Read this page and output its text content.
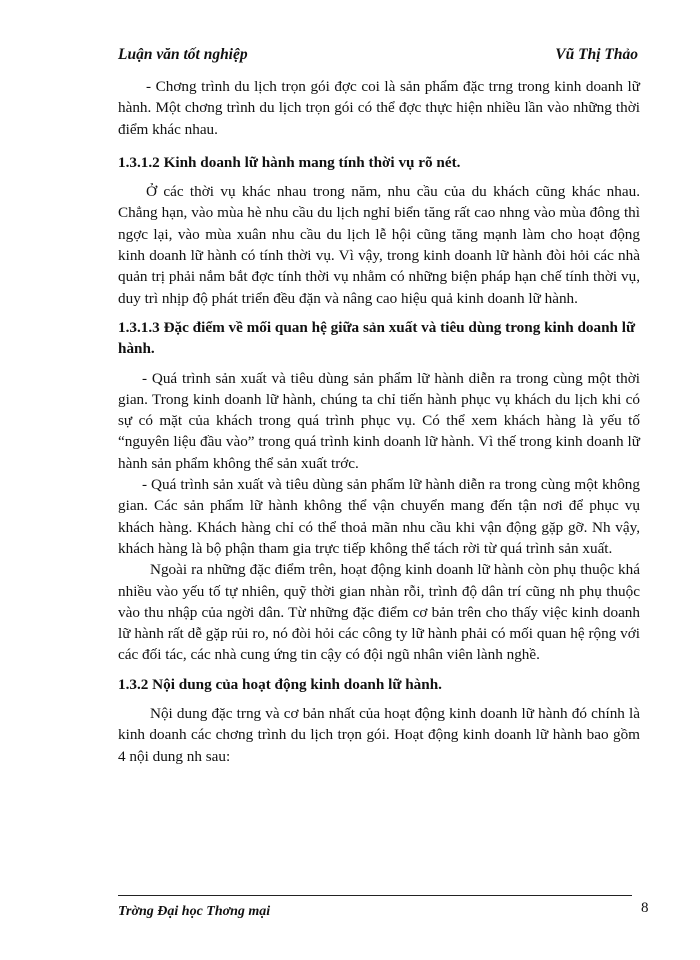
Luận văn tốt nghiệp	Vũ Thị Thảo

- Chơng trình du lịch trọn gói đợc coi là sản phẩm đặc trng trong kinh doanh lữ hành. Một chơng trình du lịch trọn gói có thể đợc thực hiện nhiều lần vào những thời điểm khác nhau.

1.3.1.2 Kinh doanh lữ hành mang tính thời vụ rõ nét.

Ở các thời vụ khác nhau trong năm, nhu cầu của du khách cũng khác nhau. Chẳng hạn, vào mùa hè nhu cầu du lịch nghỉ biển tăng rất cao nhng vào mùa đông thì ngợc lại, vào mùa xuân nhu cầu du lịch lễ hội cũng tăng mạnh làm cho hoạt động kinh doanh lữ hành có tính thời vụ. Vì vậy, trong kinh doanh lữ hành đòi hỏi các nhà quản trị phải nắm bắt đợc tính thời vụ nhằm có những biện pháp hạn chế tính thời vụ, duy trì nhịp độ phát triển đều đặn và nâng cao hiệu quả kinh doanh lữ hành.

1.3.1.3 Đặc điểm về mối quan hệ giữa sản xuất và tiêu dùng trong kinh doanh lữ hành.

- Quá trình sản xuất và tiêu dùng sản phẩm lữ hành diễn ra trong cùng một thời gian. Trong kinh doanh lữ hành, chúng ta chỉ tiến hành phục vụ khách du lịch khi có sự có mặt của khách trong quá trình phục vụ. Có thể xem khách hàng là yếu tố “nguyên liệu đầu vào” trong quá trình kinh doanh lữ hành. Vì thế trong kinh doanh lữ hành sản phẩm không thể sản xuất trớc.

- Quá trình sản xuất và tiêu dùng sản phẩm lữ hành diễn ra trong cùng một không gian. Các sản phẩm lữ hành không thể vận chuyển mang đến tận nơi để phục vụ khách hàng. Khách hàng chỉ có thể thoả mãn nhu cầu khi vận động gặp gỡ. Nh vậy, khách hàng là bộ phận tham gia trực tiếp không thể tách rời từ quá trình sản xuất.

Ngoài ra những đặc điểm trên, hoạt động kinh doanh lữ hành còn phụ thuộc khá nhiều vào yếu tố tự nhiên, quỹ thời gian nhàn rỗi, trình độ dân trí cũng nh phụ thuộc vào thu nhập của ngời dân. Từ những đặc điểm cơ bản trên cho thấy việc kinh doanh lữ hành rất dễ gặp rủi ro, nó đòi hỏi các công ty lữ hành phải có mối quan hệ rộng với các đối tác, các nhà cung ứng tin cậy có đội ngũ nhân viên lành nghề.

1.3.2 Nội dung của hoạt động kinh doanh lữ hành.

Nội dung đặc trng và cơ bản nhất của hoạt động kinh doanh lữ hành đó chính là kinh doanh các chơng trình du lịch trọn gói. Hoạt động kinh doanh lữ hành bao gồm 4 nội dung nh sau:

Trờng Đại học Thơng mại	8
